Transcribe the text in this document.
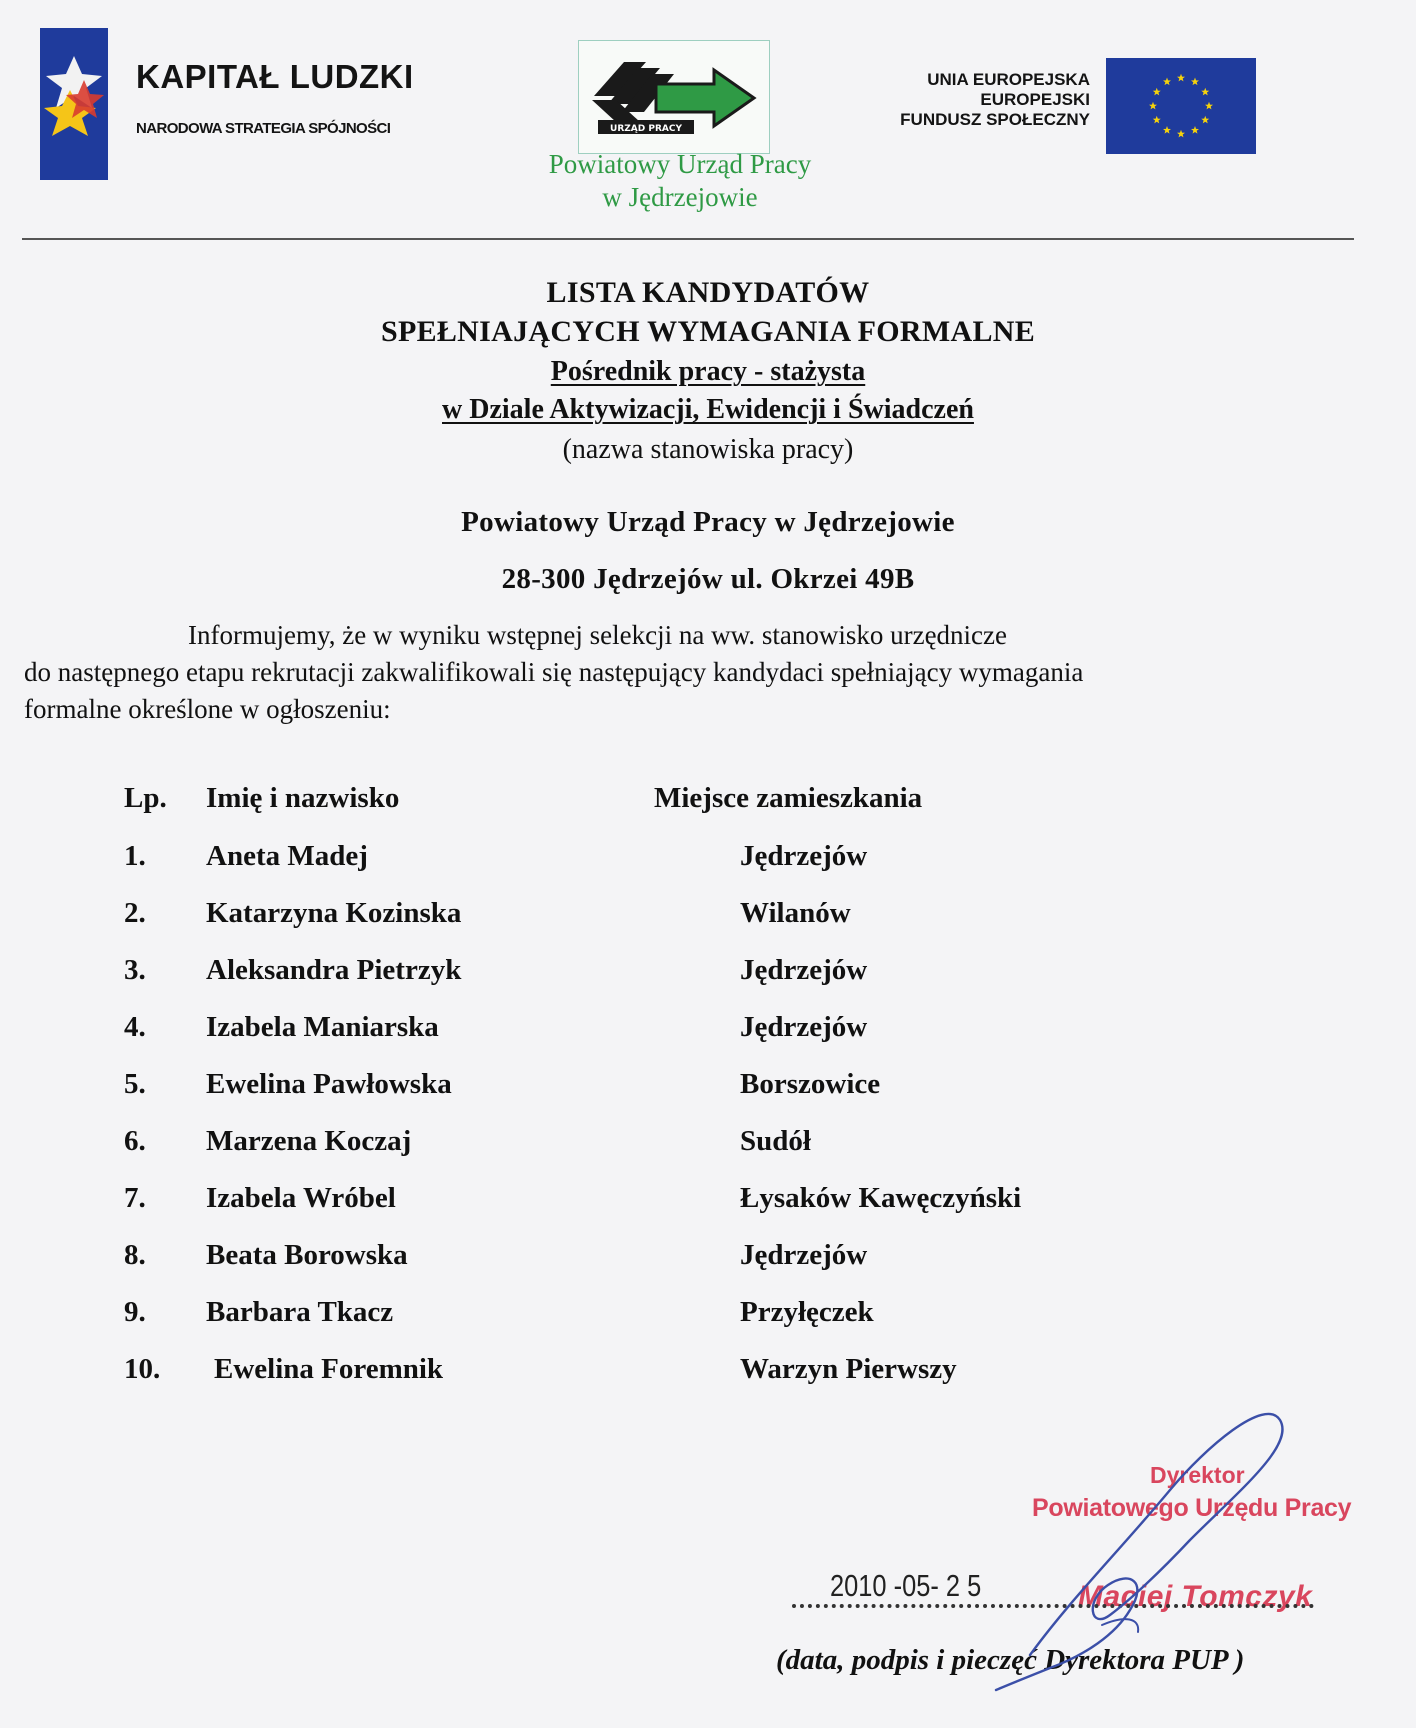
KAPITAŁ LUDZKI
NARODOWA STRATEGIA SPÓJNOŚCI	URZĄD PRACY
Powiatowy Urząd Pracy
w Jędrzejowie
UNIA EUROPEJSKA
EUROPEJSKI
FUNDUSZ SPOŁECZNY
LISTA KANDYDATÓW
SPEŁNIAJĄCYCH WYMAGANIA FORMALNE
Pośrednik pracy - stażysta
w Dziale Aktywizacji, Ewidencji i Świadczeń
(nazwa stanowiska pracy)
Powiatowy Urząd Pracy w Jędrzejowie
28-300 Jędrzejów ul. Okrzei 49B
Informujemy, że w wyniku wstępnej selekcji na ww. stanowisko urzędnicze
do następnego etapu rekrutacji zakwalifikowali się następujący kandydaci spełniający wymagania
formalne określone w ogłoszeniu:
Lp. Imię i nazwisko	Miejsce zamieszkania
1. Aneta Madej	Jędrzejów
2. Katarzyna Kozinska	Wilanów
3. Aleksandra Pietrzyk	Jędrzejów
4. Izabela Maniarska	Jędrzejów
5. Ewelina Pawłowska	Borszowice
6. Marzena Koczaj	Sudół
7. Izabela Wróbel	Łysaków Kawęczyński
8. Beata Borowska	Jędrzejów
9. Barbara Tkacz	Przyłęczek
10. Ewelina Foremnik	Warzyn Pierwszy
Dyrektor
Powiatowego Urzędu Pracy
2010 -05- 2 5	Maciej Tomczyk
(data, podpis i pieczęć Dyrektora PUP )
